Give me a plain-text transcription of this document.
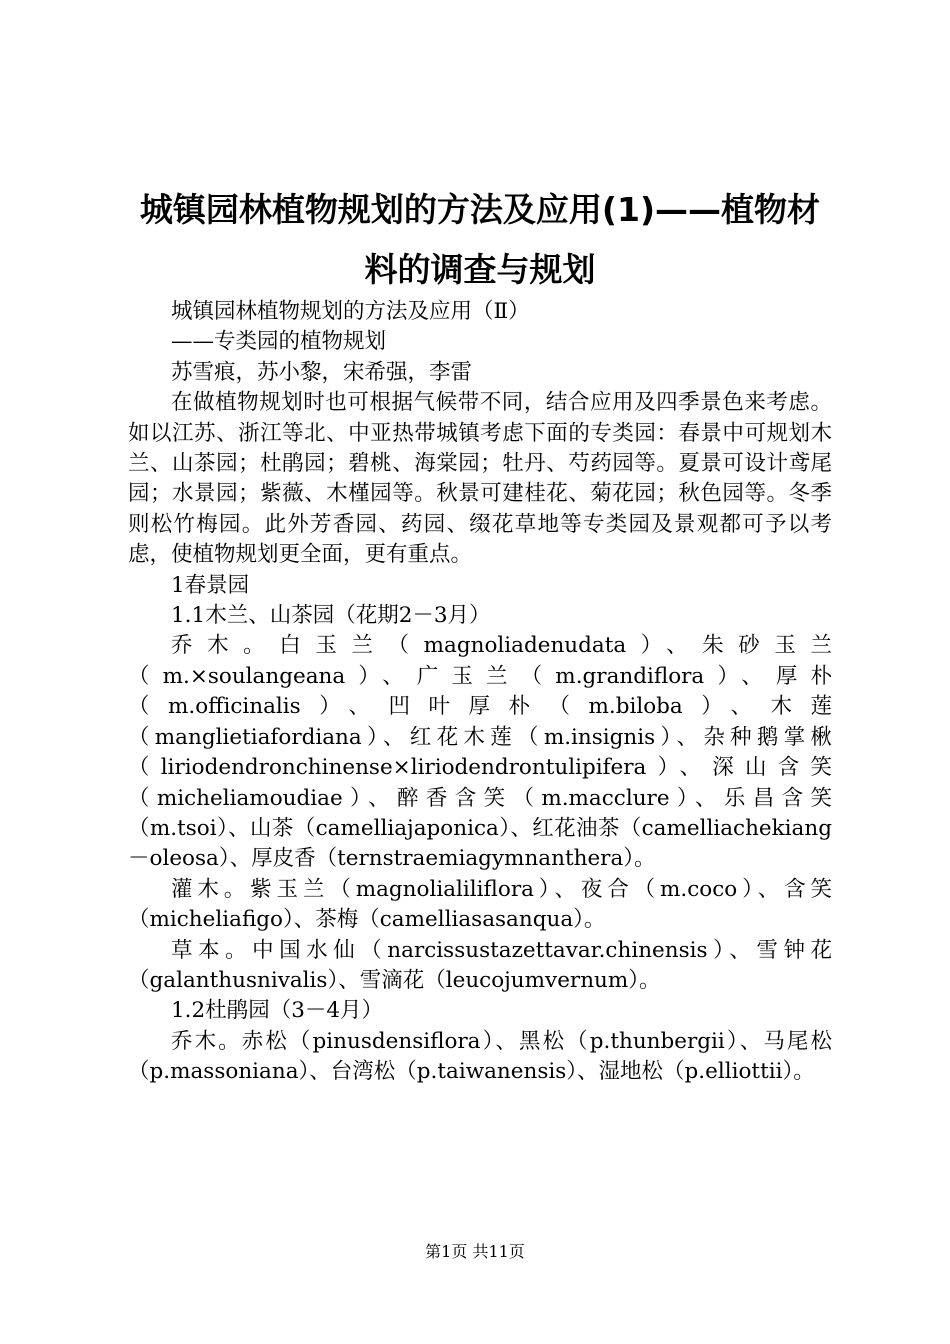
城镇园林植物规划的方法及应用(1)——植物材料的调查与规划

城镇园林植物规划的方法及应用（Ⅱ）

——专类园的植物规划

苏雪痕，苏小黎，宋希强，李雷

在做植物规划时也可根据气候带不同，结合应用及四季景色来考虑。如以江苏、浙江等北、中亚热带城镇考虑下面的专类园：春景中可规划木兰、山茶园；杜鹃园；碧桃、海棠园；牡丹、芍药园等。夏景可设计鸢尾园；水景园；紫薇、木槿园等。秋景可建桂花、菊花园；秋色园等。冬季则松竹梅园。此外芳香园、药园、缀花草地等专类园及景观都可予以考虑，使植物规划更全面，更有重点。

1春景园

1.1木兰、山茶园（花期2－3月）

乔木。白玉兰（magnoliadenudata）、朱砂玉兰（m.×soulangeana）、广玉兰（m.grandiflora）、厚朴（m.officinalis）、凹叶厚朴（m.biloba）、木莲（manglietiafordiana）、红花木莲（m.insignis）、杂种鹅掌楸（liriodendronchinense×liriodendrontulipifera）、深山含笑（micheliamoudiae）、醉香含笑（m.macclure）、乐昌含笑（m.tsoi）、山茶（camelliajaponica）、红花油茶（camelliachekiang－oleosa）、厚皮香（ternstraemiagymnanthera）。

灌木。紫玉兰（magnolialiliflora）、夜合（m.coco）、含笑（micheliafigo）、茶梅（camelliasasanqua）。

草本。中国水仙（narcissustazettavar.chinensis）、雪钟花（galanthusnivalis）、雪滴花（leucojumvernum）。

1.2杜鹃园（3－4月）

乔木。赤松（pinusdensiflora）、黑松（p.thunbergii）、马尾松（p.massoniana）、台湾松（p.taiwanensis）、湿地松（p.elliottii）。

第1页 共11页
